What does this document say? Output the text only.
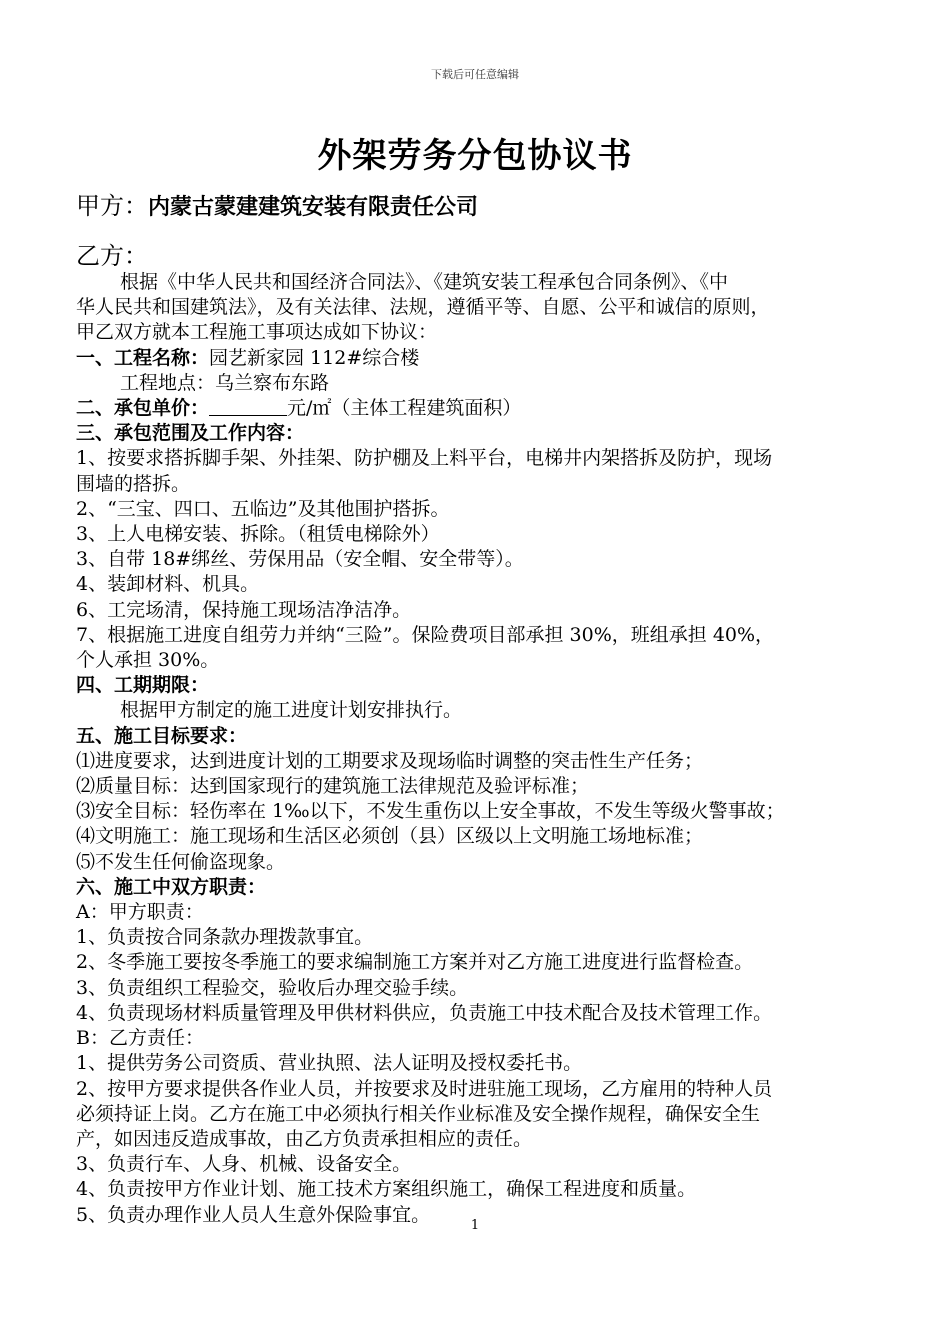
下载后可任意编辑
外架劳务分包协议书
甲方：内蒙古蒙建建筑安装有限责任公司
乙方：

根据《中华人民共和国经济合同法》、《建筑安装工程承包合同条例》、《中

华人民共和国建筑法》，及有关法律、法规，遵循平等、自愿、公平和诚信的原则，

甲乙双方就本工程施工事项达成如下协议：

一、工程名称：园艺新家园 112#综合楼

工程地点：乌兰察布东路

二、承包单价：	元/㎡（主体工程建筑面积）

三、承包范围及工作内容：

1、按要求搭拆脚手架、外挂架、防护棚及上料平台，电梯井内架搭拆及防护，现场

围墙的搭拆。

2、“三宝、四口、五临边”及其他围护搭拆。

3、上人电梯安装、拆除。（租赁电梯除外）

3、自带 18#绑丝、劳保用品（安全帽、安全带等）。

4、装卸材料、机具。

6、工完场清，保持施工现场洁净洁净。

7、根据施工进度自组劳力并纳“三险”。保险费项目部承担 30%，班组承担 40%，

个人承担 30%。

四、工期期限：

根据甲方制定的施工进度计划安排执行。

五、施工目标要求：

⑴进度要求，达到进度计划的工期要求及现场临时调整的突击性生产任务；

⑵质量目标：达到国家现行的建筑施工法律规范及验评标准；

⑶安全目标：轻伤率在 1‰以下，不发生重伤以上安全事故，不发生等级火警事故；

⑷文明施工：施工现场和生活区必须创（县）区级以上文明施工场地标准；

⑸不发生任何偷盗现象。

六、施工中双方职责：

A：甲方职责：

1、负责按合同条款办理拨款事宜。

2、冬季施工要按冬季施工的要求编制施工方案并对乙方施工进度进行监督检查。

3、负责组织工程验交，验收后办理交验手续。

4、负责现场材料质量管理及甲供材料供应，负责施工中技术配合及技术管理工作。

B：乙方责任：

1、提供劳务公司资质、营业执照、法人证明及授权委托书。

2、按甲方要求提供各作业人员，并按要求及时进驻施工现场，乙方雇用的特种人员

必须持证上岗。乙方在施工中必须执行相关作业标准及安全操作规程，确保安全生

产，如因违反造成事故，由乙方负责承担相应的责任。

3、负责行车、人身、机械、设备安全。

4、负责按甲方作业计划、施工技术方案组织施工，确保工程进度和质量。

5、负责办理作业人员人生意外保险事宜。	1
